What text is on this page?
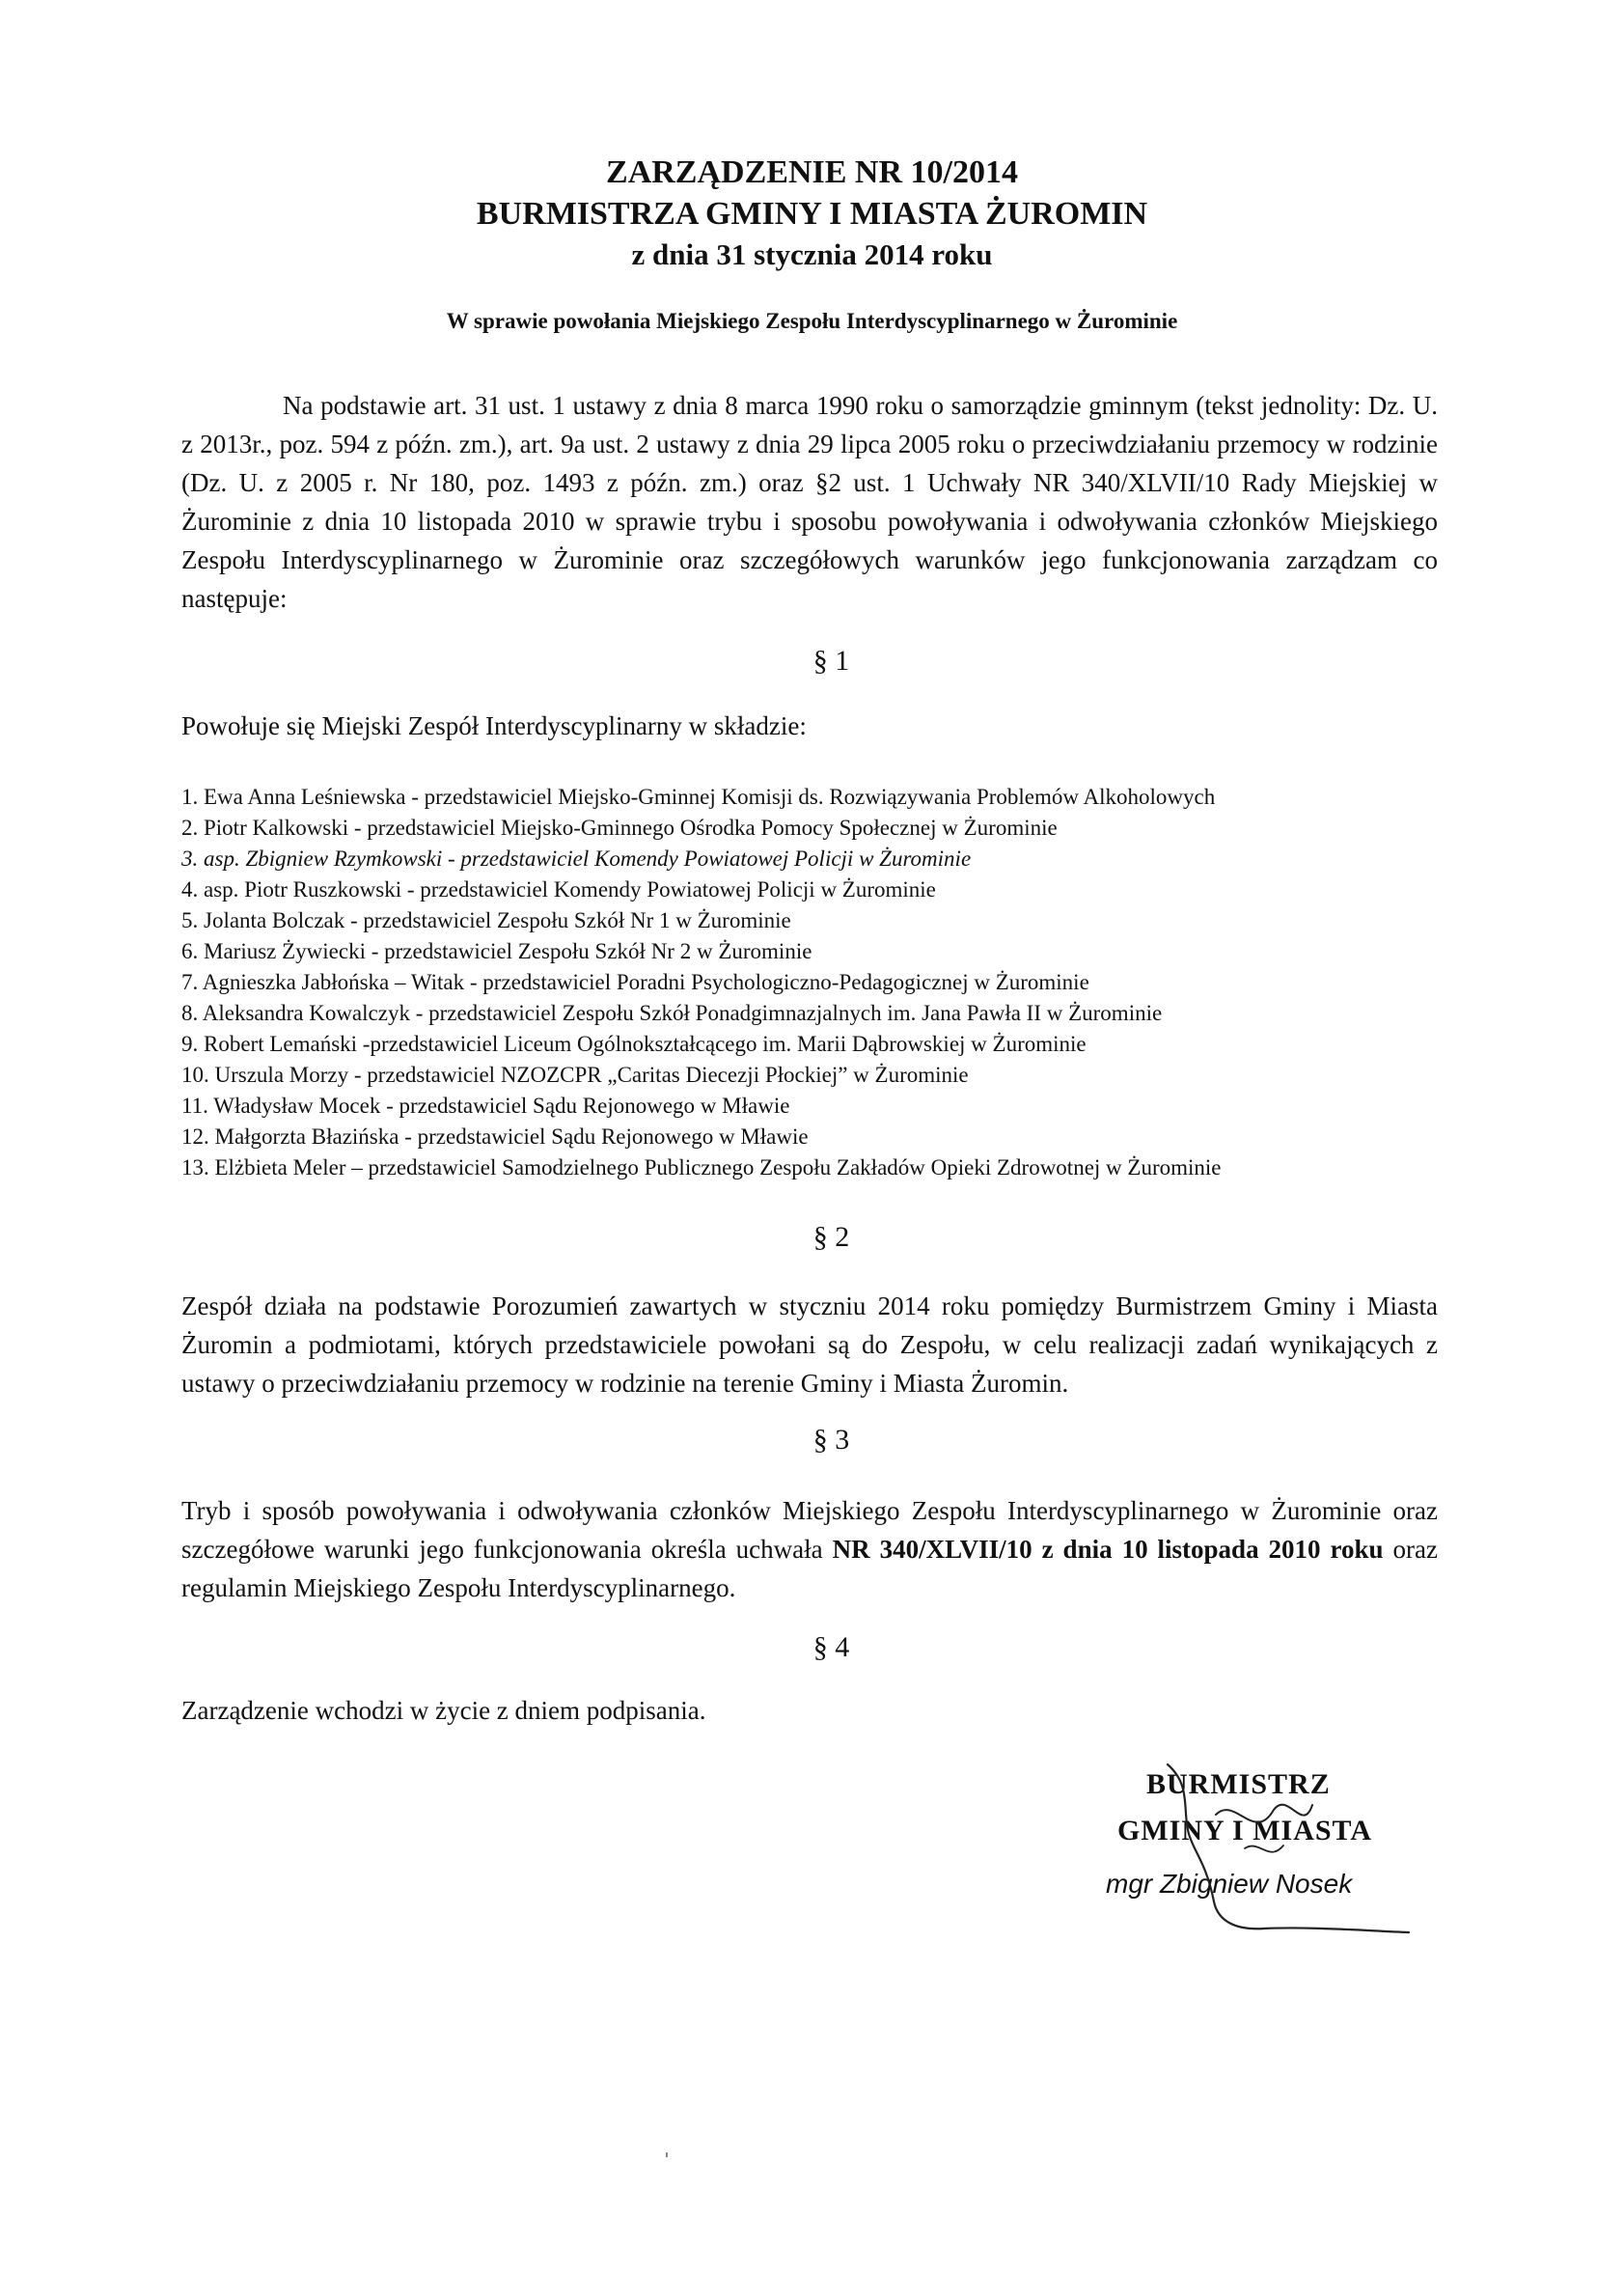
ZARZĄDZENIE NR 10/2014
BURMISTRZA GMINY I MIASTA ŻUROMIN
z dnia 31 stycznia 2014 roku
W sprawie powołania Miejskiego Zespołu Interdyscyplinarnego w Żurominie
Na podstawie art. 31 ust. 1 ustawy z dnia 8 marca 1990 roku o samorządzie gminnym (tekst jednolity: Dz. U. z 2013r., poz. 594 z późn. zm.), art. 9a ust. 2 ustawy z dnia 29 lipca 2005 roku o przeciwdziałaniu przemocy w rodzinie (Dz. U. z 2005 r. Nr 180, poz. 1493 z późn. zm.) oraz §2 ust. 1 Uchwały NR 340/XLVII/10 Rady Miejskiej w Żurominie z dnia 10 listopada 2010 w sprawie trybu i sposobu powoływania i odwoływania członków Miejskiego Zespołu Interdyscyplinarnego w Żurominie oraz szczegółowych warunków jego funkcjonowania zarządzam co następuje:
§ 1
Powołuje się Miejski Zespół Interdyscyplinarny w składzie:
1. Ewa Anna Leśniewska - przedstawiciel Miejsko-Gminnej Komisji ds. Rozwiązywania Problemów Alkoholowych
2. Piotr Kalkowski - przedstawiciel Miejsko-Gminnego Ośrodka Pomocy Społecznej w Żurominie
3. asp. Zbigniew Rzymkowski - przedstawiciel Komendy Powiatowej Policji w Żurominie
4. asp. Piotr Ruszkowski - przedstawiciel Komendy Powiatowej Policji w Żurominie
5. Jolanta Bolczak - przedstawiciel Zespołu Szkół Nr 1 w Żurominie
6. Mariusz Żywiecki - przedstawiciel Zespołu Szkół Nr 2 w Żurominie
7. Agnieszka Jabłońska – Witak - przedstawiciel Poradni Psychologiczno-Pedagogicznej w Żurominie
8. Aleksandra Kowalczyk - przedstawiciel Zespołu Szkół Ponadgimnazjalnych im. Jana Pawła II w Żurominie
9. Robert Lemański -przedstawiciel Liceum Ogólnokształcącego im. Marii Dąbrowskiej w Żurominie
10. Urszula Morzy - przedstawiciel NZOZCPR „Caritas Diecezji Płockiej” w Żurominie
11. Władysław Mocek - przedstawiciel Sądu Rejonowego w Mławie
12. Małgorzta Błazińska - przedstawiciel Sądu Rejonowego w Mławie
13. Elżbieta Meler – przedstawiciel Samodzielnego Publicznego Zespołu Zakładów Opieki Zdrowotnej w Żurominie
§ 2
Zespół działa na podstawie Porozumień zawartych w styczniu 2014 roku pomiędzy Burmistrzem Gminy i Miasta Żuromin a podmiotami, których przedstawiciele powołani są do Zespołu, w celu realizacji zadań wynikających z ustawy o przeciwdziałaniu przemocy w rodzinie na terenie Gminy i Miasta Żuromin.
§ 3
Tryb i sposób powoływania i odwoływania członków Miejskiego Zespołu Interdyscyplinarnego w Żurominie oraz szczegółowe warunki jego funkcjonowania określa uchwała NR 340/XLVII/10 z dnia 10 listopada 2010 roku oraz regulamin Miejskiego Zespołu Interdyscyplinarnego.
§ 4
Zarządzenie wchodzi w życie z dniem podpisania.
BURMISTRZ
GMINY I MIASTA
mgr Zbigniew Nosek
